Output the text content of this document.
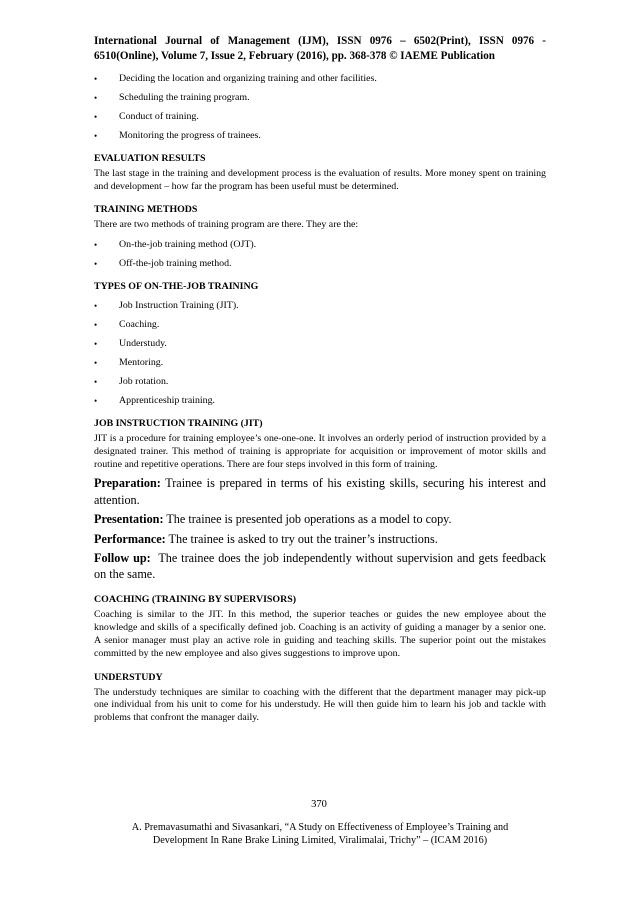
International Journal of Management (IJM), ISSN 0976 – 6502(Print), ISSN 0976 - 6510(Online), Volume 7, Issue 2, February (2016), pp. 368-378 © IAEME Publication
• Deciding the location and organizing training and other facilities.
• Scheduling the training program.
• Conduct of training.
• Monitoring the progress of trainees.
EVALUATION RESULTS
The last stage in the training and development process is the evaluation of results. More money spent on training and development – how far the program has been useful must be determined.
TRAINING METHODS
There are two methods of training program are there. They are the:
• On-the-job training method (OJT).
• Off-the-job training method.
TYPES OF ON-THE-JOB TRAINING
• Job Instruction Training (JIT).
• Coaching.
• Understudy.
• Mentoring.
• Job rotation.
• Apprenticeship training.
JOB INSTRUCTION TRAINING (JIT)
JIT is a procedure for training employee’s one-one-one. It involves an orderly period of instruction provided by a designated trainer. This method of training is appropriate for acquisition or improvement of motor skills and routine and repetitive operations. There are four steps involved in this form of training.
Preparation: Trainee is prepared in terms of his existing skills, securing his interest and attention.
Presentation: The trainee is presented job operations as a model to copy.
Performance: The trainee is asked to try out the trainer’s instructions.
Follow up:  The trainee does the job independently without supervision and gets feedback on the same.
COACHING (TRAINING BY SUPERVISORS)
Coaching is similar to the JIT. In this method, the superior teaches or guides the new employee about the knowledge and skills of a specifically defined job. Coaching is an activity of guiding a manager by a senior one. A senior manager must play an active role in guiding and teaching skills. The superior point out the mistakes committed by the new employee and also gives suggestions to improve upon.
UNDERSTUDY
The understudy techniques are similar to coaching with the different that the department manager may pick-up one individual from his unit to come for his understudy. He will then guide him to learn his job and tackle with problems that confront the manager daily.
370
A. Premavasumathi and Sivasankari, “A Study on Effectiveness of Employee’s Training and
Development In Rane Brake Lining Limited, Viralimalai, Trichy” – (ICAM 2016)
